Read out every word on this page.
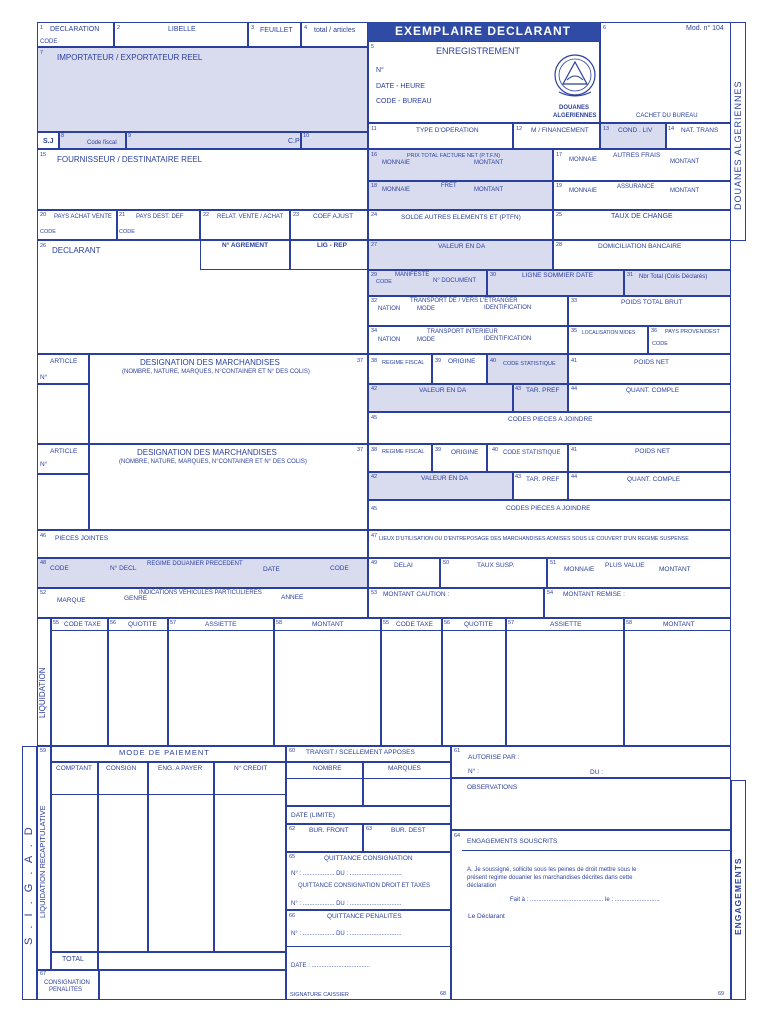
1 DECLARATION
CODE
2	LIBELLE	3 FEUILLET 4 total / articles	EXEMPLAIRE DECLARANT
5	ENREGISTREMENT
N°
DATE - HEURE
CODE - BUREAU
DOUANES
ALGERIENNES
6	Mod. n° 104
CACHET DU BUREAU	DOUANES ALGERIENNES
7 IMPORTATEUR / EXPORTATEUR REEL
S.J
8
Code fiscal
9
C.P
10
15 FOURNISSEUR / DESTINATAIRE REEL
20 PAYS ACHAT VENTE
CODE
21 PAYS DEST. DEF
CODE
22 RELAT. VENTE / ACHAT 23 COEF AJUST
26 DECLARANT
N° AGREMENT	LIG - REP
11	TYPE D'OPERATION	12 M / FINANCEMENT	13 COND . LIV	14 NAT. TRANS
16	PRIX TOTAL FACTURE NET (P.T.F.N)
MONNAIE	MONTANT
17	AUTRES FRAIS
MONNAIE	MONTANT
18	FRET
MONNAIE	MONTANT
19	ASSURANCE
MONNAIE	MONTANT
24	SOLDE AUTRES ELEMENTS ET (PTFN)	25	TAUX DE CHANGE
27	VALEUR EN DA	28	DOMICILIATION BANCAIRE
29	MANIFESTE
CODE	N° DOCUMENT
30	LIGNE SOMMIER DATE	31 Nbr Total (Colis Déclarés)
32	TRANSPORT DE / VERS L'ETRANGER
NATION	MODE	IDENTIFICATION
33	POIDS TOTAL BRUT
34	TRANSPORT INTERIEUR
NATION	MODE	IDENTIFICATION
35 LOCALISATION M/DES	36 PAYS PROVEN/DEST
CODE
ARTICLE
N°
37
DESIGNATION DES MARCHANDISES
(NOMBRE, NATURE, MARQUES, N°CONTAINER ET N° DES COLIS)
38 REGIME FISCAL 39 ORIGINE	40 CODE STATISTIQUE	41	POIDS NET
42	VALEUR EN DA	43 TAR. PREF 44	QUANT. COMPLE
45	CODES PIECES A JOINDRE
ARTICLE
N°
37
DESIGNATION DES MARCHANDISES
(NOMBRE, NATURE, MARQUES, N°CONTAINER ET N° DES COLIS)
38 REGIME FISCAL 39 ORIGINE 40 CODE STATISTIQUE 41	POIDS NET
42	VALEUR EN DA	43 TAR. PREF 44	QUANT. COMPLE
45	CODES PIECES A JOINDRE
46 PIECES JOINTES	47 LIEUX D'UTILISATION OU D'ENTREPOSAGE DES MARCHANDISES ADMISES SOUS LE COUVERT D'UN REGIME SUSPENSE
48
CODE	N° DECL
REGIME DOUANIER PRECEDENT
DATE	CODE
49	DELAI	50	TAUX SUSP.	51
MONNAIE
PLUS VALUE
MONTANT
52	INDICATIONS VEHICULES PARTICULIERES
MARQUE	GENRE	ANNEE
53 MONTANT CAUTION :	54 MONTANT REMISE :
LIQUIDATION
55 CODE TAXE 56 QUOTITE 57	ASSIETTE	58	MONTANT	55 CODE TAXE 56 QUOTITE	57	ASSIETTE	58	MONTANT
S . I . G . A . D LIQUIDATION RECAPITULATIVE
59	MODE DE PAIEMENT
COMPTANT CONSIGN	ENG. A PAYER	N° CREDIT
TOTAL
67
CONSIGNATION
PENALITES
60 TRANSIT / SCELLEMENT APPOSES
NOMBRE	MARQUES
DATE (LIMITE)
62 BUR. FRONT	63	BUR. DEST
65	QUITTANCE CONSIGNATION
N° : ................... DU : ...............................
QUITTANCE CONSIGNATION DROIT ET TAXES
N° : ................... DU : ...............................
66	QUITTANCE PENALITES
N° : ................... DU : ...............................
DATE : ...................................
SIGNATURE CAISSIER	68
61
AUTORISE PAR :
N° :	DU :
OBSERVATIONS
64
ENGAGEMENTS SOUSCRITS
A. Je soussigné, sollicite sous les peines de droit mettre sous le
présent regime douanier les marchandises décrites dans cette
déclaration
Fait à : ............................................ le : ...........................
Le Déclarant
69
ENGAGEMENTS
